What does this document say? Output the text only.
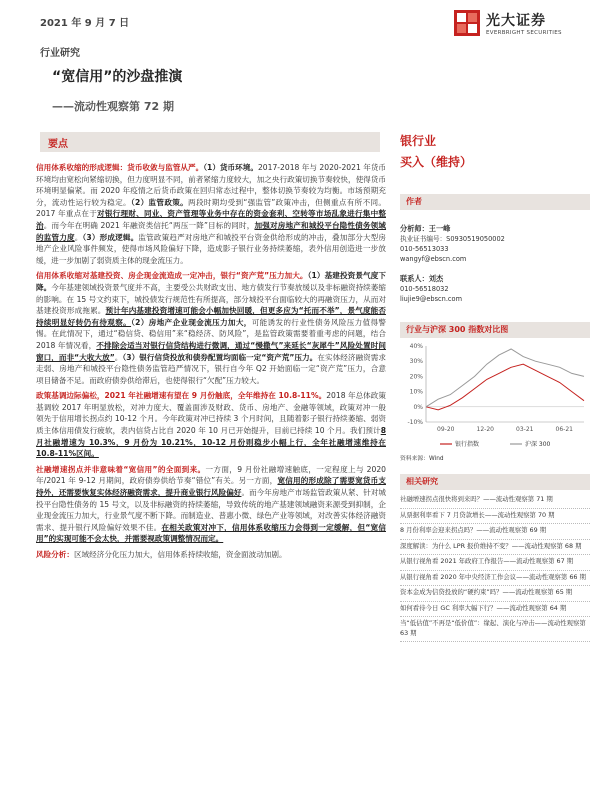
2021 年 9 月 7 日	光大证券
EVERBRIGHT SECURITIES
行业研究
“宽信用”的沙盘推演
——流动性观察第 72 期
要点

信用体系收缩的形成逻辑：货币收敛与监管从严。（1）货币环境。2017-2018 年与 2020-2021 年货币环境均由宽松向紧缩切换，但力度明显不同，前者紧缩力度较大，加之央行政策切换节奏较快，使得货币环境明显偏紧。而 2020 年疫情之后货币政策在回归常态过程中，整体切换节奏较为均衡。市场预期充分，流动性运行较为稳定。（2）监管政策。两段时期均受到“强监管”政策冲击，但侧重点有所不同。2017 年重点在于对银行理财、同业、资产管理等业务中存在的资金套利、空转等市场乱象进行集中整治。而今年在明确 2021 年融资类信托“两压一降”目标的同时，加强对房地产和城投平台隐性债务领域的监管力度。（3）形成逻辑。监管政策趋严对房地产和城投平台资金供给形成的冲击，叠加部分大型房地产企业风险事件频发，使得市场风险偏好下降，造成影子银行业务持续萎缩，表外信用创造进一步放缓，进一步加剧了弱资质主体的现金流压力。

信用体系收缩对基建投资、房企现金流造成一定冲击，银行“资产荒”压力加大。（1）基建投资景气度下降。今年基建领域投资景气度并不高，主要受公共财政支出、地方债发行节奏放缓以及非标融资持续萎缩的影响。在 15 号文约束下，城投债发行规范性有所提高，部分城投平台面临较大的再融资压力，从而对基建投资形成拖累。预计年内基建投资增速可能会小幅加快回暖，但更多应为“托而不举”，景气度能否持续明显好转仍有待观察。（2）房地产企业现金流压力加大，可能诱发的行业性债务风险压力值得警惕。在此情况下，通过“稳信贷、稳信用”来“稳经济、防风险”，是监管政策需要着重考虑的问题，结合 2018 年情况看，不排除会适当对银行信贷结构进行微调，通过“慢撒气”来延长“灰犀牛”风险处置时间窗口，而非“大收大放”。（3）银行信贷投放和债券配置均面临一定“资产荒”压力。在实体经济融资需求走弱、房地产和城投平台隐性债务监管趋严情况下，银行自今年 Q2 开始面临一定“资产荒”压力，合意项目储备不足。而政府债券供给滞后，也使得银行“欠配”压力较大。

政策基调边际偏松，2021 年社融增速有望在 9 月份触底，全年维持在 10.8-11%。2018 年总体政策基调较 2017 年明显放松，对冲力度大、覆盖面涉及财政、货币、房地产、金融等领域，政策对冲一般领先于信用增长拐点约 10-12 个月。今年政策对冲已持续 3 个月时间，且随着影子银行持续萎缩、弱资质主体信用债发行疲软，表内信贷占比自 2020 年 10 月已开始提升，目前已持续 10 个月。我们预计8 月社融增速为 10.3%，9 月份为 10.21%，10-12 月份则稳步小幅上行，全年社融增速维持在 10.8-11%区间。

社融增速拐点并非意味着“宽信用”的全面到来。一方面，9 月份社融增速触底，一定程度上与 2020 年/2021 年 9-12 月期间，政府债券供给节奏“错位”有关。另一方面，宽信用的形成除了需要宽货币支持外，还需要恢复实体经济融资需求，提升商业银行风险偏好。而今年房地产市场监管政策从紧、针对城投平台隐性债务的 15 号文，以及非标融资的持续萎缩，导致传统的地产基建领域融资来源受到抑制，企业现金流压力加大，行业景气度不断下降。而制造业、普惠小微、绿色产业等领域，对改善实体经济融资需求、提升银行风险偏好效果不佳。在相关政策对冲下，信用体系收缩压力会得到一定缓解，但“宽信用”的实现可能不会太快，并需要视政策调整情况而定。

风险分析：区域经济分化压力加大，信用体系持续收缩，资金面波动加剧。

银行业
买入（维持）
作者
分析师：王一峰
执业证书编号：S0930519050002
010-56513033
wangyf@ebscn.com
联系人：刘杰
010-56518032
liujie9@ebscn.com
行业与沪深 300 指数对比图
40%
30%
20%
10%
0%
-10%
09-20	12-20	03-21	06-21
银行指数	沪深 300
资料来源：Wind
相关研究
社融增速拐点很快将到来吗？——流动性观察第 71 期
从票据利率看下 7 月贷款增长——流动性观察第 70 期
8 月份利率会迎来拐点吗？——流动性观察第 69 期
深度解读：为什么 LPR 报价维持不变？——流动性观察第 68 期
从银行视角看 2021 年政府工作报告——流动性观察第 67 期
从银行视角看 2020 年中央经济工作会议——流动性观察第 66 期
资本金成为信贷投放的“硬约束”吗？——流动性观察第 65 期
如何看待今日 GC 利率大幅下行？——流动性观察第 64 期
当“低估值”不再是“低价值”：缘起、演化与冲击——流动性观察第 63 期
